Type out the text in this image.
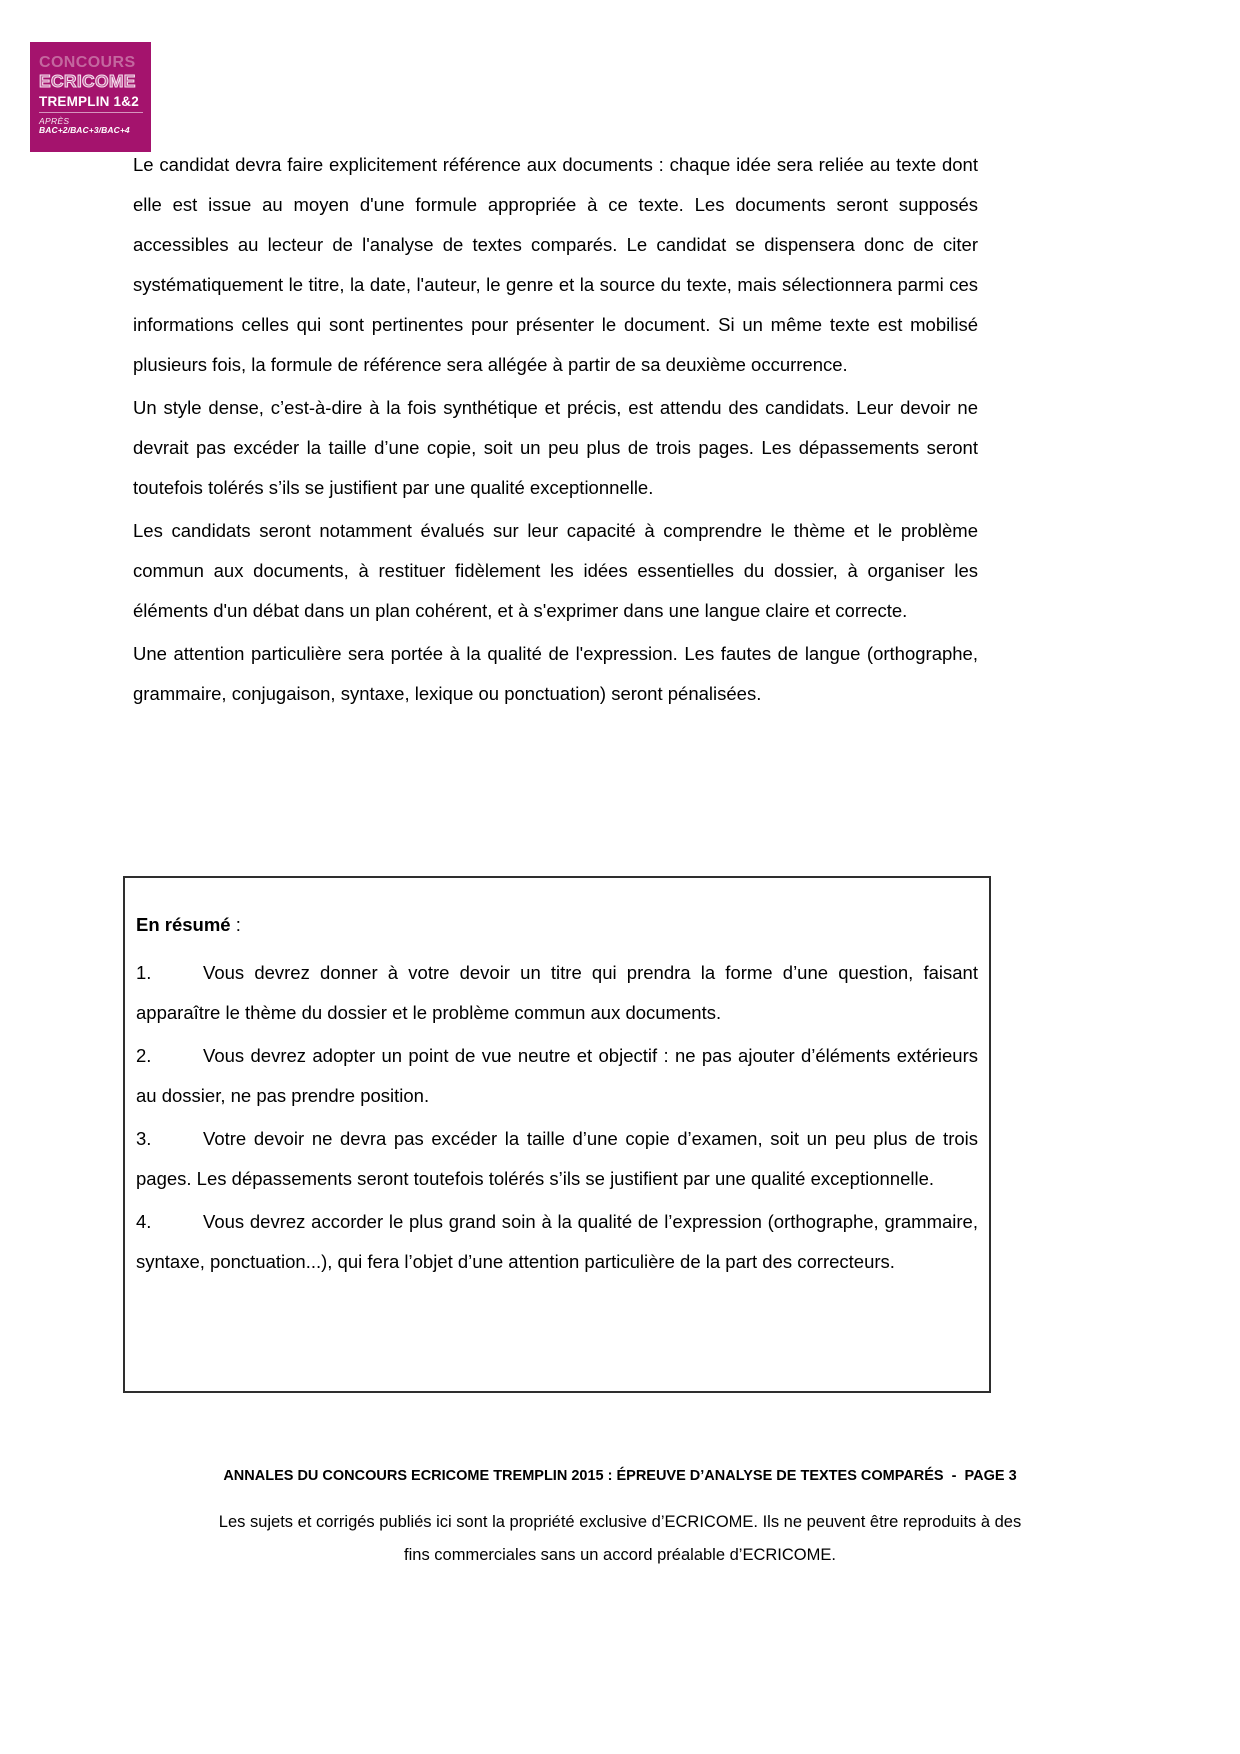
CONCOURS
ECRICOME
TREMPLIN 1&2
APRÈS
BAC+2/BAC+3/BAC+4

Le candidat devra faire explicitement référence aux documents : chaque idée sera reliée au texte dont elle est issue au moyen d'une formule appropriée à ce texte. Les documents seront supposés accessibles au lecteur de l'analyse de textes comparés. Le candidat se dispensera donc de citer systématiquement le titre, la date, l'auteur, le genre et la source du texte, mais sélectionnera parmi ces informations celles qui sont pertinentes pour présenter le document. Si un même texte est mobilisé plusieurs fois, la formule de référence sera allégée à partir de sa deuxième occurrence.

Un style dense, c’est-à-dire à la fois synthétique et précis, est attendu des candidats. Leur devoir ne devrait pas excéder la taille d’une copie, soit un peu plus de trois pages. Les dépassements seront toutefois tolérés s’ils se justifient par une qualité exceptionnelle.

Les candidats seront notamment évalués sur leur capacité à comprendre le thème et le problème commun aux documents, à restituer fidèlement les idées essentielles du dossier, à organiser les éléments d'un débat dans un plan cohérent, et à s'exprimer dans une langue claire et correcte.

Une attention particulière sera portée à la qualité de l'expression. Les fautes de langue (orthographe, grammaire, conjugaison, syntaxe, lexique ou ponctuation) seront pénalisées.

En résumé :

1.	Vous devrez donner à votre devoir un titre qui prendra la forme d’une question, faisant apparaître le thème du dossier et le problème commun aux documents.

2.	Vous devrez adopter un point de vue neutre et objectif : ne pas ajouter d’éléments extérieurs au dossier, ne pas prendre position.

3.	Votre devoir ne devra pas excéder la taille d’une copie d’examen, soit un peu plus de trois pages. Les dépassements seront toutefois tolérés s’ils se justifient par une qualité exceptionnelle.

4.	Vous devrez accorder le plus grand soin à la qualité de l’expression (orthographe, grammaire, syntaxe, ponctuation...), qui fera l’objet d’une attention particulière de la part des correcteurs.

ANNALES DU CONCOURS ECRICOME TREMPLIN 2015 : ÉPREUVE D’ANALYSE DE TEXTES COMPARÉS  -  PAGE 3
Les sujets et corrigés publiés ici sont la propriété exclusive d’ECRICOME. Ils ne peuvent être reproduits à des
fins commerciales sans un accord préalable d’ECRICOME.
